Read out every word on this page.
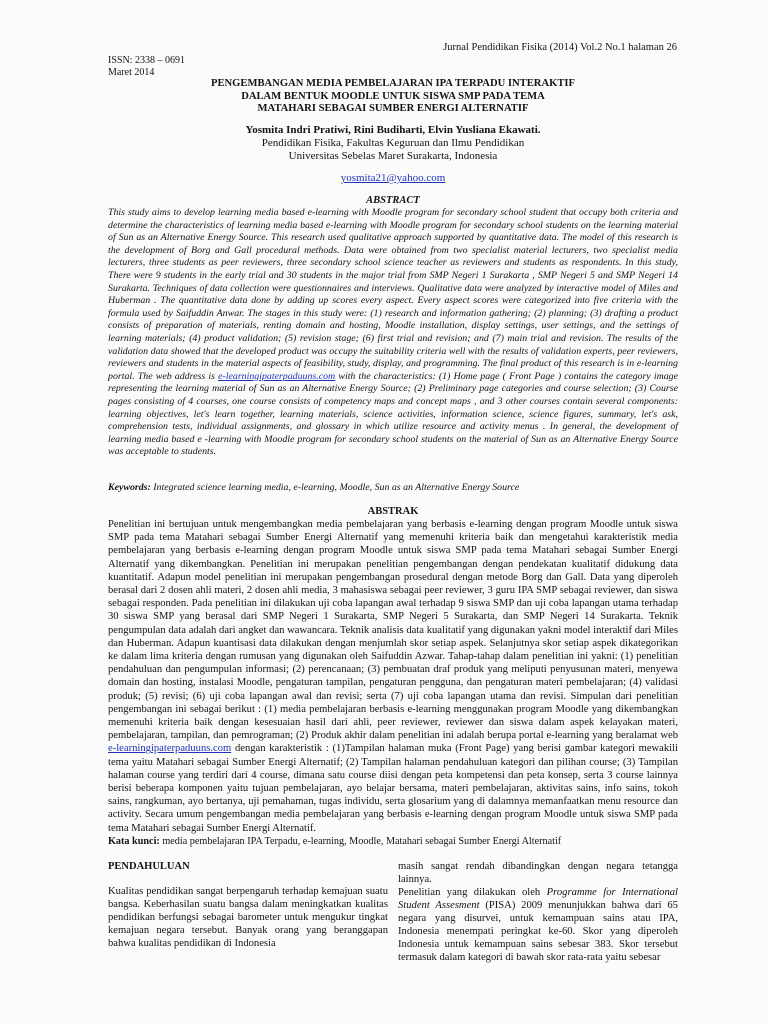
Jurnal Pendidikan Fisika (2014) Vol.2 No.1 halaman 26
ISSN: 2338 – 0691
Maret 2014
PENGEMBANGAN MEDIA PEMBELAJARAN IPA TERPADU INTERAKTIF
DALAM BENTUK MOODLE UNTUK SISWA SMP PADA TEMA
MATAHARI SEBAGAI SUMBER ENERGI ALTERNATIF
Yosmita Indri Pratiwi, Rini Budiharti, Elvin Yusliana Ekawati.
Pendidikan Fisika, Fakultas Keguruan dan Ilmu Pendidikan
Universitas Sebelas Maret Surakarta, Indonesia
yosmita21@yahoo.com
ABSTRACT

This study aims to develop learning media based e-learning with Moodle program for secondary school student that occupy both criteria and determine the characteristics of learning media based e-learning with Moodle program for secondary school students on the learning material of Sun as an Alternative Energy Source. This research used qualitative approach supported by quantitative data. The model of this research is the development of Borg and Gall procedural methods. Data were obtained from two specialist material lecturers, two specialist media lecturers, three students as peer reviewers, three secondary school science teacher as reviewers and students as respondents. In this study, There were 9 students in the early trial and 30 students in the major trial from SMP Negeri 1 Surakarta , SMP Negeri 5 and SMP Negeri 14 Surakarta. Techniques of data collection were questionnaires and interviews. Qualitative data were analyzed by interactive model of Miles and Huberman . The quantitative data done by adding up scores every aspect. Every aspect scores were categorized into five criteria with the formula used by Saifuddin Anwar. The stages in this study were: (1) research and information gathering; (2) planning; (3) drafting a product consists of preparation of materials, renting domain and hosting, Moodle installation, display settings, user settings, and the settings of learning materials; (4) product validation; (5) revision stage; (6) first trial and revision; and (7) main trial and revision. The results of the validation data showed that the developed product was occupy the suitability criteria well with the results of validation experts, peer reviewers, reviewers and students in the material aspects of feasibility, study, display, and programming. The final product of this research is in e-learning portal. The web address is e-learningipaterpaduuns.com with the characteristics: (1) Home page ( Front Page ) contains the category image representing the learning material of Sun as an Alternative Energy Source; (2) Preliminary page categories and course selection; (3) Course pages consisting of 4 courses, one course consists of competency maps and concept maps , and 3 other courses contain several components: learning objectives, let's learn together, learning materials, science activities, information science, science figures, summary, let's ask, comprehension tests, individual assignments, and glossary in which utilize resource and activity menus . In general, the development of learning media based e -learning with Moodle program for secondary school students on the material of Sun as an Alternative Energy Source was acceptable to students.

Keywords: Integrated science learning media, e-learning, Moodle, Sun as an Alternative Energy Source
ABSTRAK

Penelitian ini bertujuan untuk mengembangkan media pembelajaran yang berbasis e-learning dengan program Moodle untuk siswa SMP pada tema Matahari sebagai Sumber Energi Alternatif yang memenuhi kriteria baik dan mengetahui karakteristik media pembelajaran yang berbasis e-learning dengan program Moodle untuk siswa SMP pada tema Matahari sebagai Sumber Energi Alternatif yang dikembangkan. Penelitian ini merupakan penelitian pengembangan dengan pendekatan kualitatif didukung data kuantitatif. Adapun model penelitian ini merupakan pengembangan prosedural dengan metode Borg dan Gall. Data yang diperoleh berasal dari 2 dosen ahli materi, 2 dosen ahli media, 3 mahasiswa sebagai peer reviewer, 3 guru IPA SMP sebagai reviewer, dan siswa sebagai responden. Pada penelitian ini dilakukan uji coba lapangan awal terhadap 9 siswa SMP dan uji coba lapangan utama terhadap 30 siswa SMP yang berasal dari SMP Negeri 1 Surakarta, SMP Negeri 5 Surakarta, dan SMP Negeri 14 Surakarta. Teknik pengumpulan data adalah dari angket dan wawancara. Teknik analisis data kualitatif yang digunakan yakni model interaktif dari Miles dan Huberman. Adapun kuantisasi data dilakukan dengan menjumlah skor setiap aspek. Selanjutnya skor setiap aspek dikategorikan ke dalam lima kriteria dengan rumusan yang digunakan oleh Saifuddin Azwar. Tahap-tahap dalam penelitian ini yakni: (1) penelitian pendahuluan dan pengumpulan informasi; (2) perencanaan; (3) pembuatan draf produk yang meliputi penyusunan materi, menyewa domain dan hosting, instalasi Moodle, pengaturan tampilan, pengaturan pengguna, dan pengaturan materi pembelajaran; (4) validasi produk; (5) revisi; (6) uji coba lapangan awal dan revisi; serta (7) uji coba lapangan utama dan revisi. Simpulan dari penelitian pengembangan ini sebagai berikut : (1) media pembelajaran berbasis e-learning menggunakan program Moodle yang dikembangkan memenuhi kriteria baik dengan kesesuaian hasil dari ahli, peer reviewer, reviewer dan siswa dalam aspek kelayakan materi, pembelajaran, tampilan, dan pemrograman; (2) Produk akhir dalam penelitian ini adalah berupa portal e-learning yang beralamat web e-learningipaterpaduuns.com dengan karakteristik : (1)Tampilan halaman muka (Front Page) yang berisi gambar kategori mewakili tema yaitu Matahari sebagai Sumber Energi Alternatif; (2) Tampilan halaman pendahuluan kategori dan pilihan course; (3) Tampilan halaman course yang terdiri dari 4 course, dimana satu course diisi dengan peta kompetensi dan peta konsep, serta 3 course lainnya berisi beberapa komponen yaitu tujuan pembelajaran, ayo belajar bersama, materi pembelajaran, aktivitas sains, info sains, tokoh sains, rangkuman, ayo bertanya, uji pemahaman, tugas individu, serta glosarium yang di dalamnya memanfaatkan menu resource dan activity. Secara umum pengembangan media pembelajaran yang berbasis e-learning dengan program Moodle untuk siswa SMP pada tema Matahari sebagai Sumber Energi Alternatif.

Kata kunci: media pembelajaran IPA Terpadu, e-learning, Moodle, Matahari sebagai Sumber Energi Alternatif
PENDAHULUAN

Kualitas pendidikan sangat berpengaruh terhadap kemajuan suatu bangsa. Keberhasilan suatu bangsa dalam meningkatkan kualitas pendidikan berfungsi sebagai barometer untuk mengukur tingkat kemajuan negara tersebut. Banyak orang yang beranggapan bahwa kualitas pendidikan di Indonesia

masih sangat rendah dibandingkan dengan negara tetangga lainnya.

Penelitian yang dilakukan oleh Programme for International Student Assesment (PISA) 2009 menunjukkan bahwa dari 65 negara yang disurvei, untuk kemampuan sains atau IPA, Indonesia menempati peringkat ke-60. Skor yang diperoleh Indonesia untuk kemampuan sains sebesar 383. Skor tersebut termasuk dalam kategori di bawah skor rata-rata yaitu sebesar
